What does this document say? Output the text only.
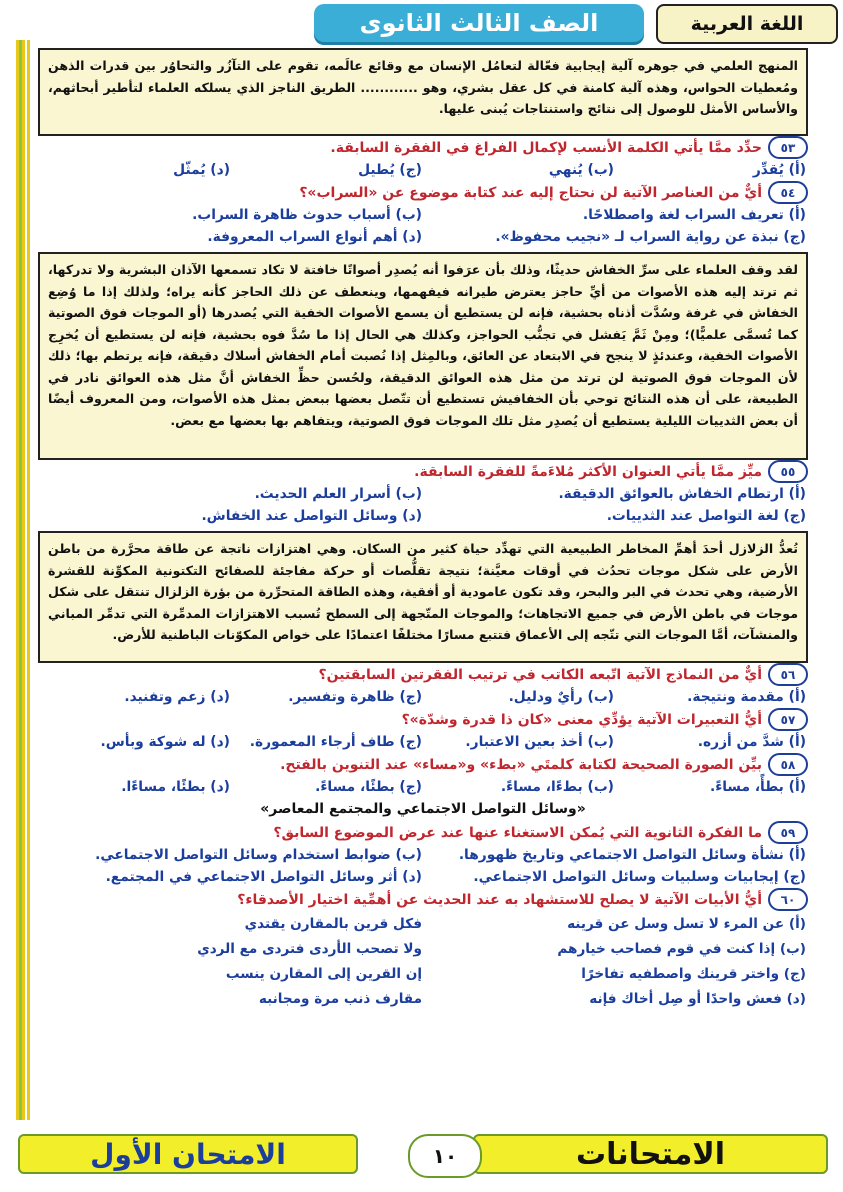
اللغة العربية
الصف الثالث الثانوى
المنهج العلمي في جوهره آلية إيجابية فعّالة لتعامُل الإنسان مع وقائع عالَمه، تقوم على التآزُر والتحاوُر بين قدرات الذهن ومُعطيات الحواس، وهذه آلية كامنة في كل عقل بشري، وهو ............ الطريق الناجز الذي يسلكه العلماء لتأطير أبحاثهم، والأساس الأمثل للوصول إلى نتائج واستنتاجات يُبنى عليها.
٥٣
حدِّد ممَّا يأتي الكلمة الأنسب لإكمال الفراغ في الفقرة السابقة.
(أ) يُقدِّر
(ب) يُنهي
(ج) يُطيل
(د) يُمثّل
٥٤
أيٌّ من العناصر الآتية لن نحتاج إليه عند كتابة موضوع عن «السراب»؟
(أ) تعريف السراب لغة واصطلاحًا.
(ب) أسباب حدوث ظاهرة السراب.
(ج) نبذة عن رواية السراب لـ «نجيب محفوظ».
(د) أهم أنواع السراب المعروفة.
لقد وقف العلماء على سرِّ الخفاش حديثًا، وذلك بأن عرَفوا أنه يُصدِر أصواتًا خافتة لا تكاد تسمعها الآذان البشرية ولا تدركها، ثم ترتد إليه هذه الأصوات من أيِّ حاجز يعترض طيرانه فيفهمها، وينعطف عن ذلك الحاجز كأنه يراه؛ ولذلك إذا ما وُضِع الخفاش في غرفة وسُدَّت أذناه بحشية، فإنه لن يستطيع أن يسمع الأصوات الخفية التي يُصدرها (أو الموجات فوق الصوتية كما تُسمَّى علميًّا)؛ ومِنْ ثَمَّ يَفشل في تجنُّب الحواجز، وكذلك هي الحال إذا ما سُدَّ فوه بحشية، فإنه لن يستطيع أن يُخرِج الأصوات الخفية، وعندئذٍ لا ينجح في الابتعاد عن العائق، وبالمِثل إذا نُصبت أمام الخفاش أسلاك دقيقة، فإنه يرتطم بها؛ ذلك لأن الموجات فوق الصوتية لن ترتد من مثل هذه العوائق الدقيقة، ولحُسن حظِّ الخفاش أنَّ مثل هذه العوائق نادر في الطبيعة، على أن هذه النتائج توحي بأن الخفافيش تستطيع أن تتّصل بعضها ببعض بمثل هذه الأصوات، ومن المعروف أيضًا أن بعض الثدييات الليلية يستطيع أن يُصدِر مثل تلك الموجات فوق الصوتية، ويتفاهم بها بعضها مع بعض.
٥٥
ميِّز ممَّا يأتي العنوان الأكثر مُلاءَمةً للفقرة السابقة.
(أ) ارتطام الخفاش بالعوائق الدقيقة.
(ب) أسرار العلم الحديث.
(ج) لغة التواصل عند الثدييات.
(د) وسائل التواصل عند الخفاش.
تُعدُّ الزلازل أحدَ أهمِّ المخاطر الطبيعية التي تهدِّد حياة كثير من السكان. وهي اهتزازات ناتجة عن طاقة محرَّرة من باطن الأرض على شكل موجات تحدُث في أوقات معيَّنة؛ نتيجة تقلُّصات أو حركة مفاجئة للصفائح التكتونية المكوِّنة للقشرة الأرضية، وهي تحدث في البر والبحر، وقد تكون عامودية أو أفقية، وهذه الطاقة المتحرِّرة من بؤرة الزلزال تنتقل على شكل موجات في باطن الأرض في جميع الاتجاهات؛ والموجات المتّجهة إلى السطح تُسبب الاهتزازات المدمِّرة التي تدمِّر المباني والمنشآت، أمَّا الموجات التي تتّجه إلى الأعماق فتتبع مسارًا مختلفًا اعتمادًا على خواص المكوّنات الباطنية للأرض.
٥٦
أيٌّ من النماذج الآتية اتّبعه الكاتب في ترتيب الفقرتين السابقتين؟
(أ) مقدمة ونتيجة.
(ب) رأيٌ ودليل.
(ج) ظاهرة وتفسير.
(د) زعم وتفنيد.
٥٧
أيُّ التعبيرات الآتية يؤدِّي معنى «كان ذا قدرة وشدّة»؟
(أ) شدَّ من أزره.
(ب) أخذ بعين الاعتبار.
(ج) طاف أرجاء المعمورة.
(د) له شوكة وبأس.
٥٨
بيِّن الصورة الصحيحة لكتابة كلمتَي «بطء» و«مساء» عند التنوين بالفتح.
(أ) بطأً، مساءً.
(ب) بطءًا، مساءً.
(ج) بطئًا، مساءً.
(د) بطئًا، مساءًا.
«وسائل التواصل الاجتماعي والمجتمع المعاصر»
٥٩
ما الفكرة الثانوية التي يُمكن الاستغناء عنها عند عرض الموضوع السابق؟
(أ) نشأة وسائل التواصل الاجتماعي وتاريخ ظهورها.
(ب) ضوابط استخدام وسائل التواصل الاجتماعي.
(ج) إيجابيات وسلبيات وسائل التواصل الاجتماعي.
(د) أثر وسائل التواصل الاجتماعي في المجتمع.
٦٠
أيُّ الأبيات الآتية لا يصلح للاستشهاد به عند الحديث عن أهمِّية اختيار الأصدقاء؟
(أ) عن المرء لا تسل وسل عن قرينه
فكل قرين بالمقارن يقتدي
(ب) إذا كنت في قوم فصاحب خيارهم
ولا تصحب الأردى فتردى مع الردي
(ج) واختر قرينك واصطفيه تفاخرًا
إن القرين إلى المقارن ينسب
(د) فعش واحدًا أو صِل أخاك فإنه
مقارف ذنب مرة ومجانبه
الامتحانات
١٠
الامتحان الأول
